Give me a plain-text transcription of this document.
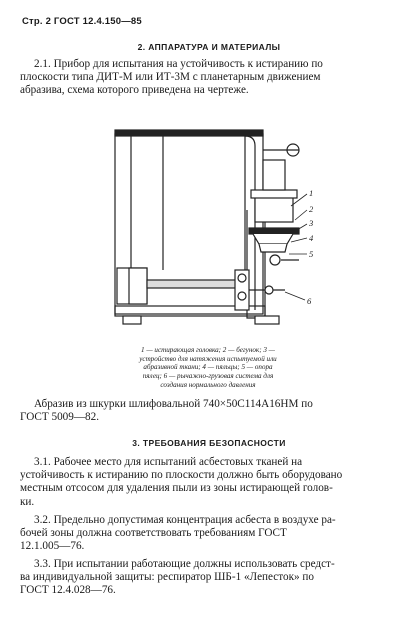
Стр. 2 ГОСТ 12.4.150—85
2. АППАРАТУРА И МАТЕРИАЛЫ
2.1. Прибор для испытания на устойчивость к истиранию по
плоскости типа ДИТ-М или ИТ-3М с планетарным движением
абразива, схема которого приведена на чертеже.
1
2
3
4
5
6
1 — истирающая головка; 2 — бегунок; 3 —
устройство для натяжения испытуемой или
абразивной ткани; 4 — пяльцы; 5 — опора
пялец; 6 — рычажно-грузовая система для
создания нормального давления
Абразив из шкурки шлифовальной 740×50С114А16НМ по
ГОСТ 5009—82.
3. ТРЕБОВАНИЯ БЕЗОПАСНОСТИ
3.1. Рабочее место для испытаний асбестовых тканей на
устойчивость к истиранию по плоскости должно быть оборудовано
местным отсосом для удаления пыли из зоны истирающей голов-
ки.
3.2. Предельно допустимая концентрация асбеста в воздухе ра-
бочей зоны должна соответствовать требованиям ГОСТ
12.1.005—76.
3.3. При испытании работающие должны использовать средст-
ва индивидуальной защиты: респиратор ШБ-1 «Лепесток» по
ГОСТ 12.4.028—76.
